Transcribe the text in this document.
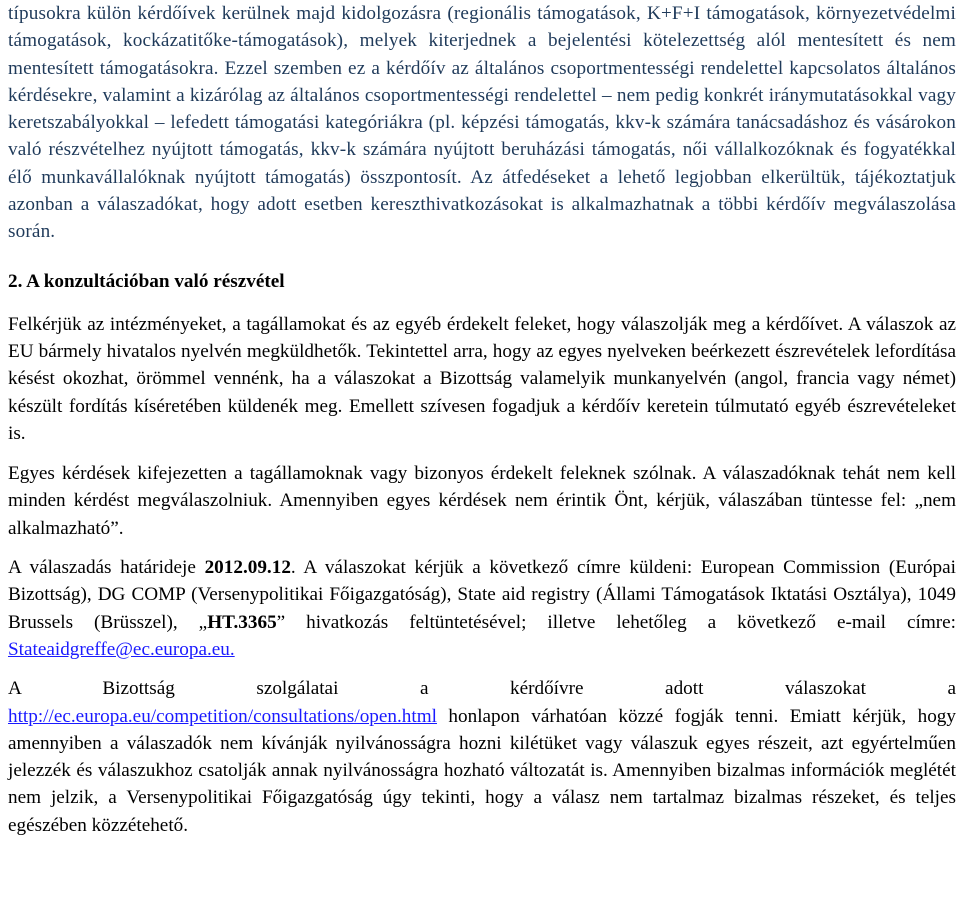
típusokra külön kérdőívek kerülnek majd kidolgozásra (regionális támogatások, K+F+I támogatások, környezetvédelmi támogatások, kockázatitőke-támogatások), melyek kiterjednek a bejelentési kötelezettség alól mentesített és nem mentesített támogatásokra. Ezzel szemben ez a kérdőív az általános csoportmentességi rendelettel kapcsolatos általános kérdésekre, valamint a kizárólag az általános csoportmentességi rendelettel – nem pedig konkrét iránymutatásokkal vagy keretszabályokkal – lefedett támogatási kategóriákra (pl. képzési támogatás, kkv-k számára tanácsadáshoz és vásárokon való részvételhez nyújtott támogatás, kkv-k számára nyújtott beruházási támogatás, női vállalkozóknak és fogyatékkal élő munkavállalóknak nyújtott támogatás) összpontosít. Az átfedéseket a lehető legjobban elkerültük, tájékoztatjuk azonban a válaszadókat, hogy adott esetben kereszthivatkozásokat is alkalmazhatnak a többi kérdőív megválaszolása során.

2. A konzultációban való részvétel

Felkérjük az intézményeket, a tagállamokat és az egyéb érdekelt feleket, hogy válaszolják meg a kérdőívet. A válaszok az EU bármely hivatalos nyelvén megküldhetők. Tekintettel arra, hogy az egyes nyelveken beérkezett észrevételek lefordítása késést okozhat, örömmel vennénk, ha a válaszokat a Bizottság valamelyik munkanyelvén (angol, francia vagy német) készült fordítás kíséretében küldenék meg. Emellett szívesen fogadjuk a kérdőív keretein túlmutató egyéb észrevételeket is.

Egyes kérdések kifejezetten a tagállamoknak vagy bizonyos érdekelt feleknek szólnak. A válaszadóknak tehát nem kell minden kérdést megválaszolniuk. Amennyiben egyes kérdések nem érintik Önt, kérjük, válaszában tüntesse fel: „nem alkalmazható”.

A válaszadás határideje 2012.09.12. A válaszokat kérjük a következő címre küldeni: European Commission (Európai Bizottság), DG COMP (Versenypolitikai Főigazgatóság), State aid registry (Állami Támogatások Iktatási Osztálya), 1049 Brussels (Brüsszel), „HT.3365” hivatkozás feltüntetésével; illetve lehetőleg a következő e-mail címre: Stateaidgreffe@ec.europa.eu.

A Bizottság szolgálatai a kérdőívre adott válaszokat a
http://ec.europa.eu/competition/consultations/open.html honlapon várhatóan közzé fogják tenni. Emiatt kérjük, hogy amennyiben a válaszadók nem kívánják nyilvánosságra hozni kilétüket vagy válaszuk egyes részeit, azt egyértelműen jelezzék és válaszukhoz csatolják annak nyilvánosságra hozható változatát is. Amennyiben bizalmas információk meglétét nem jelzik, a Versenypolitikai Főigazgatóság úgy tekinti, hogy a válasz nem tartalmaz bizalmas részeket, és teljes egészében közzétehető.
